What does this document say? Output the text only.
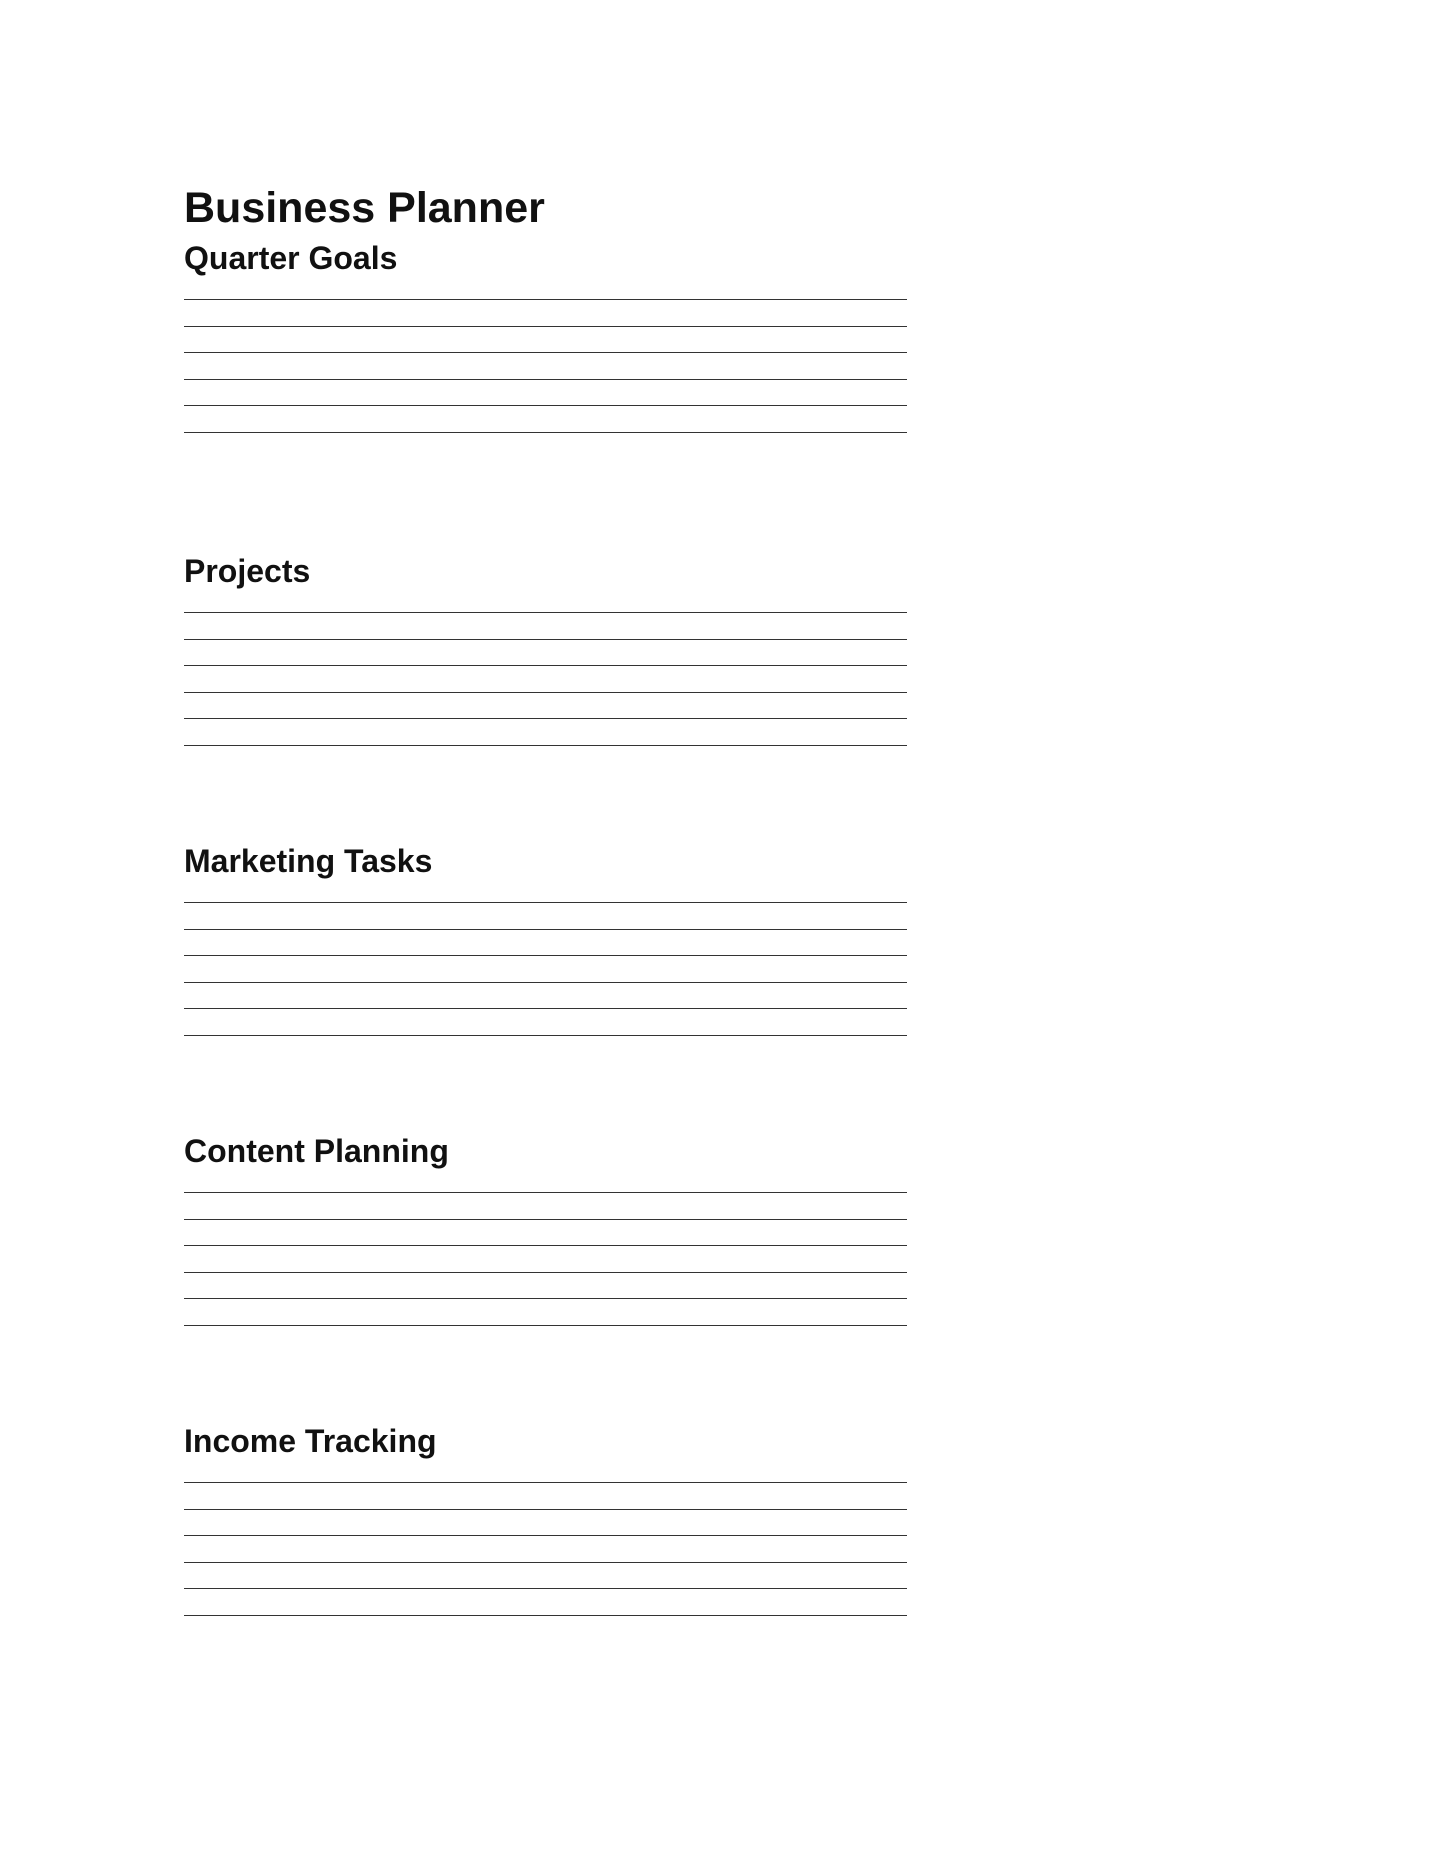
Business Planner
Quarter Goals
Projects
Marketing Tasks
Content Planning
Income Tracking
